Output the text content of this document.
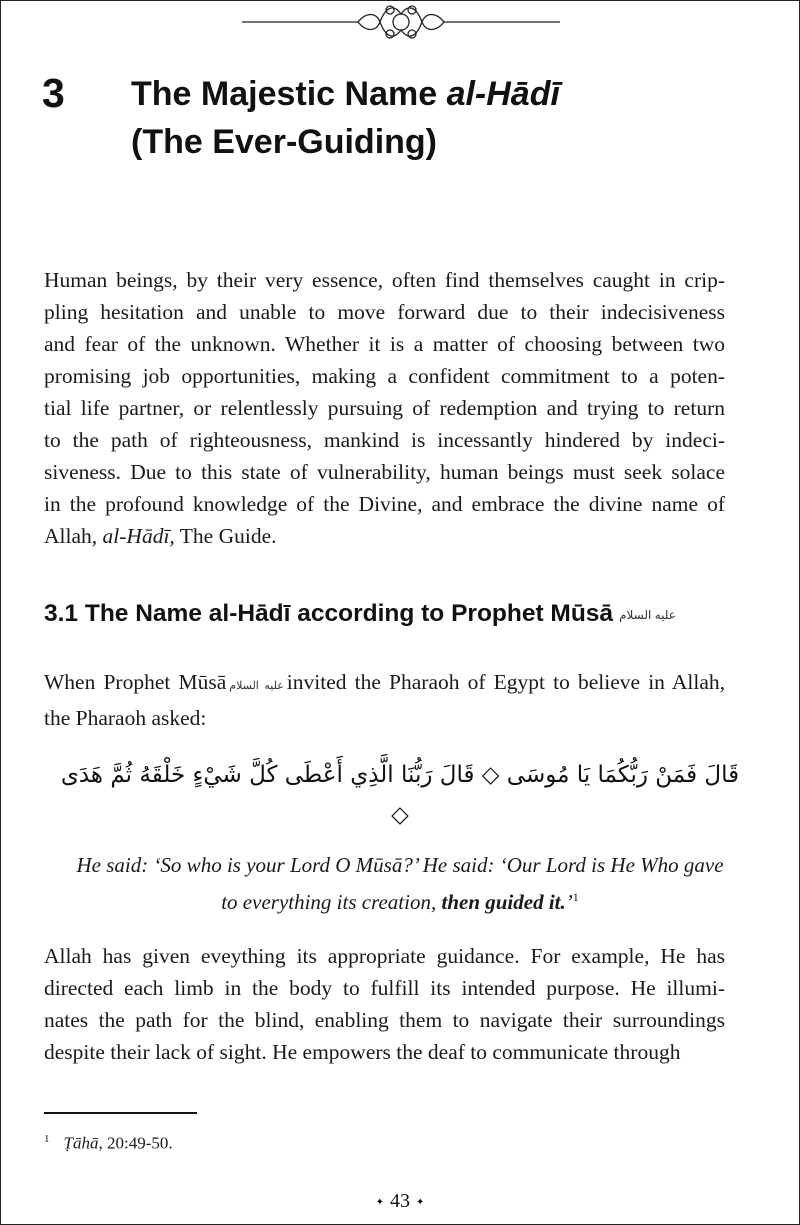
3 The Majestic Name al-Hādī
(The Ever-Guiding)
Human beings, by their very essence, often find themselves caught in crip-
pling hesitation and unable to move forward due to their indecisiveness
and fear of the unknown. Whether it is a matter of choosing between two
promising job opportunities, making a confident commitment to a poten-
tial life partner, or relentlessly pursuing of redemption and trying to return
to the path of righteousness, mankind is incessantly hindered by indeci-
siveness. Due to this state of vulnerability, human beings must seek solace
in the profound knowledge of the Divine, and embrace the divine name of
Allah, al-Hādī, The Guide.
3.1 The Name al-Hādī according to Prophet Mūsā عليه السلام
When Prophet Mūsā عليه السلام invited the Pharaoh of Egypt to believe in Allah,
the Pharaoh asked:
قَالَ فَمَنْ رَبُّكُمَا يَا مُوسَى ◇ قَالَ رَبُّنَا الَّذِي أَعْطَى كُلَّ شَيْءٍ خَلْقَهُ ثُمَّ هَدَى ◇
He said: ‘So who is your Lord O Mūsā?’ He said: ‘Our Lord is He Who gave
to everything its creation, then guided it.’$^1$
Allah has given eveything its appropriate guidance. For example, He has
directed each limb in the body to fulfill its intended purpose. He illumi-
nates the path for the blind, enabling them to navigate their surroundings
despite their lack of sight. He empowers the deaf to communicate through
$^1$ Ṭāhā, 20:49-50.
✦ 43 ✦
